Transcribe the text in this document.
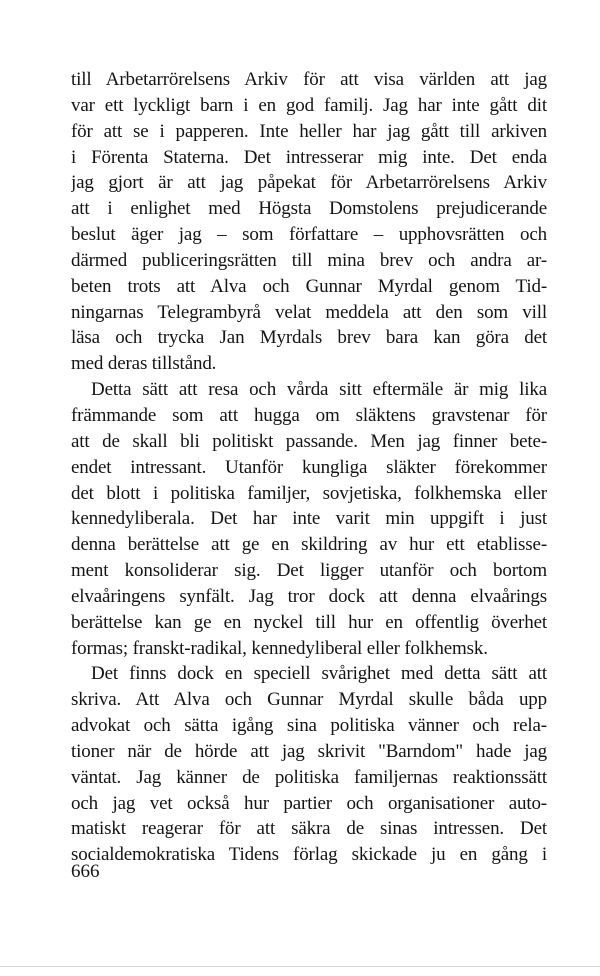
till Arbetarrörelsens Arkiv för att visa världen att jag
var ett lyckligt barn i en god familj. Jag har inte gått dit
för att se i papperen. Inte heller har jag gått till arkiven
i Förenta Staterna. Det intresserar mig inte. Det enda
jag gjort är att jag påpekat för Arbetarrörelsens Arkiv
att i enlighet med Högsta Domstolens prejudicerande
beslut äger jag – som författare – upphovsrätten och
därmed publiceringsrätten till mina brev och andra ar-
beten trots att Alva och Gunnar Myrdal genom Tid-
ningarnas Telegrambyrå velat meddela att den som vill
läsa och trycka Jan Myrdals brev bara kan göra det
med deras tillstånd.
Detta sätt att resa och vårda sitt eftermäle är mig lika
främmande som att hugga om släktens gravstenar för
att de skall bli politiskt passande. Men jag finner bete-
endet intressant. Utanför kungliga släkter förekommer
det blott i politiska familjer, sovjetiska, folkhemska eller
kennedyliberala. Det har inte varit min uppgift i just
denna berättelse att ge en skildring av hur ett etablisse-
ment konsoliderar sig. Det ligger utanför och bortom
elvaåringens synfält. Jag tror dock att denna elvaårings
berättelse kan ge en nyckel till hur en offentlig överhet
formas; franskt-radikal, kennedyliberal eller folkhemsk.
Det finns dock en speciell svårighet med detta sätt att
skriva. Att Alva och Gunnar Myrdal skulle båda upp
advokat och sätta igång sina politiska vänner och rela-
tioner när de hörde att jag skrivit "Barndom" hade jag
väntat. Jag känner de politiska familjernas reaktionssätt
och jag vet också hur partier och organisationer auto-
matiskt reagerar för att säkra de sinas intressen. Det
socialdemokratiska Tidens förlag skickade ju en gång i
666
